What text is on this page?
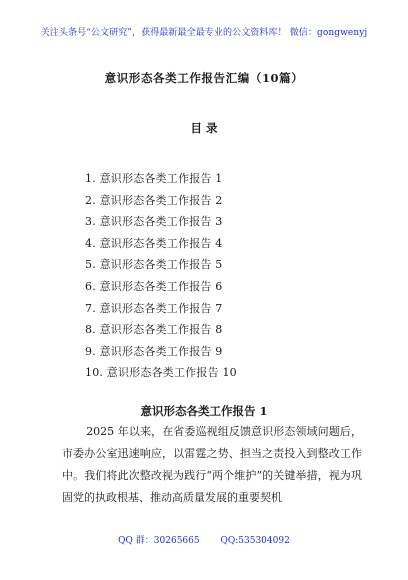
关注头条号“公文研究”，获得最新最全最专业的公文资料库！ 微信：gongwenyj
意识形态各类工作报告汇编（10篇）
目 录
1. 意识形态各类工作报告 1
2. 意识形态各类工作报告 2
3. 意识形态各类工作报告 3
4. 意识形态各类工作报告 4
5. 意识形态各类工作报告 5
6. 意识形态各类工作报告 6
7. 意识形态各类工作报告 7
8. 意识形态各类工作报告 8
9. 意识形态各类工作报告 9
10. 意识形态各类工作报告 10
意识形态各类工作报告 1

2025 年以来，在省委巡视组反馈意识形态领域问题后，市委办公室迅速响应，以雷霆之势、担当之责投入到整改工作中。我们将此次整改视为践行“两个维护”的关键举措，视为巩固党的执政根基、推动高质量发展的重要契机

QQ 群：30265665 QQ:535304092
